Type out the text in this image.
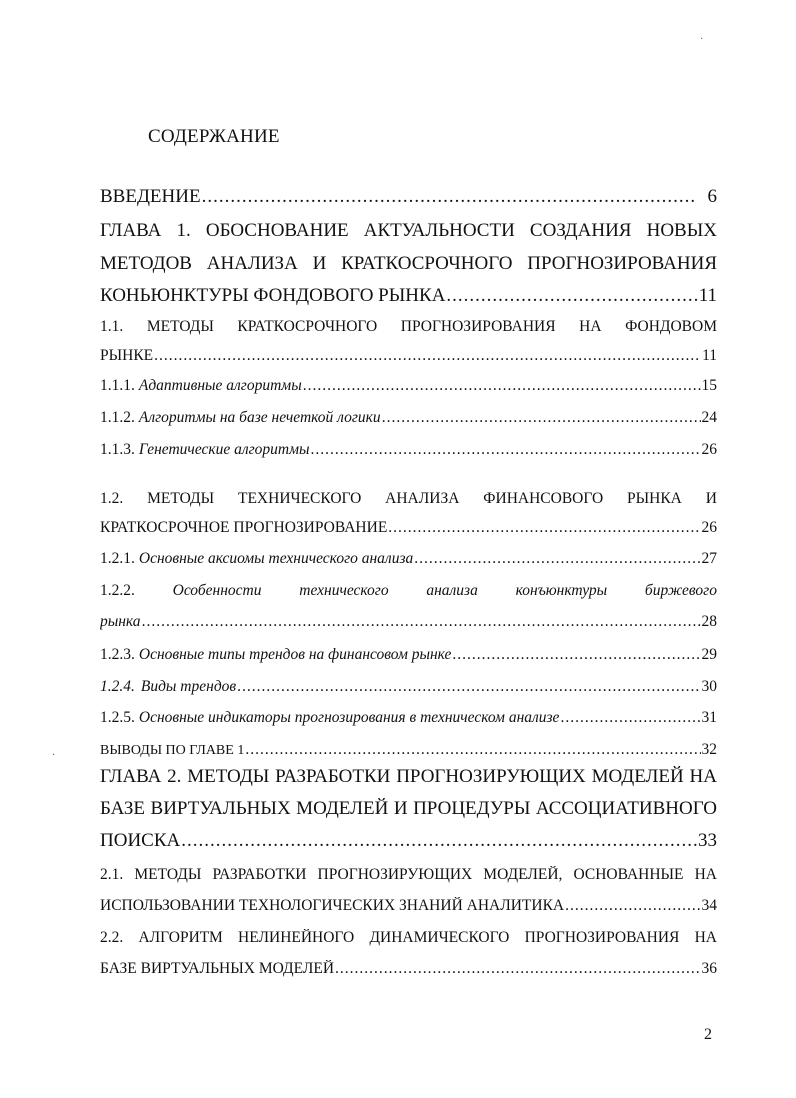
·
·
СОДЕРЖАНИЕ
ВВЕДЕНИЕ .....	6
ГЛАВА 1. ОБОСНОВАНИЕ АКТУАЛЬНОСТИ СОЗДАНИЯ НОВЫХ
МЕТОДОВ АНАЛИЗА И КРАТКОСРОЧНОГО ПРОГНОЗИРОВАНИЯ
КОНЬЮНКТУРЫ ФОНДОВОГО РЫНКА .....	11
1.1. МЕТОДЫ КРАТКОСРОЧНОГО ПРОГНОЗИРОВАНИЯ НА ФОНДОВОМ
РЫНКЕ .....	11
1.1.1. Адаптивные алгоритмы .....	15
1.1.2. Алгоритмы на базе нечеткой логики .....	24
1.1.3. Генетические алгоритмы .....	26
1.2. МЕТОДЫ ТЕХНИЧЕСКОГО АНАЛИЗА ФИНАНСОВОГО РЫНКА И
КРАТКОСРОЧНОЕ ПРОГНОЗИРОВАНИЕ .....	26
1.2.1. Основные аксиомы технического анализа .....	27
1.2.2. Особенности технического анализа конъюнктуры биржевого
рынка .....	28
1.2.3. Основные типы трендов на финансовом рынке .....	29
1.2.4. Виды трендов .....	30
1.2.5. Основные индикаторы прогнозирования в техническом анализе .....	31
ВЫВОДЫ ПО ГЛАВЕ 1 .....	32
ГЛАВА 2. МЕТОДЫ РАЗРАБОТКИ ПРОГНОЗИРУЮЩИХ МОДЕЛЕЙ НА
БАЗЕ ВИРТУАЛЬНЫХ МОДЕЛЕЙ И ПРОЦЕДУРЫ АССОЦИАТИВНОГО
ПОИСКА .....	33
2.1. МЕТОДЫ РАЗРАБОТКИ ПРОГНОЗИРУЮЩИХ МОДЕЛЕЙ, ОСНОВАННЫЕ НА
ИСПОЛЬЗОВАНИИ ТЕХНОЛОГИЧЕСКИХ ЗНАНИЙ АНАЛИТИКА .....	34
2.2. АЛГОРИТМ НЕЛИНЕЙНОГО ДИНАМИЧЕСКОГО ПРОГНОЗИРОВАНИЯ НА
БАЗЕ ВИРТУАЛЬНЫХ МОДЕЛЕЙ .....	36
2
